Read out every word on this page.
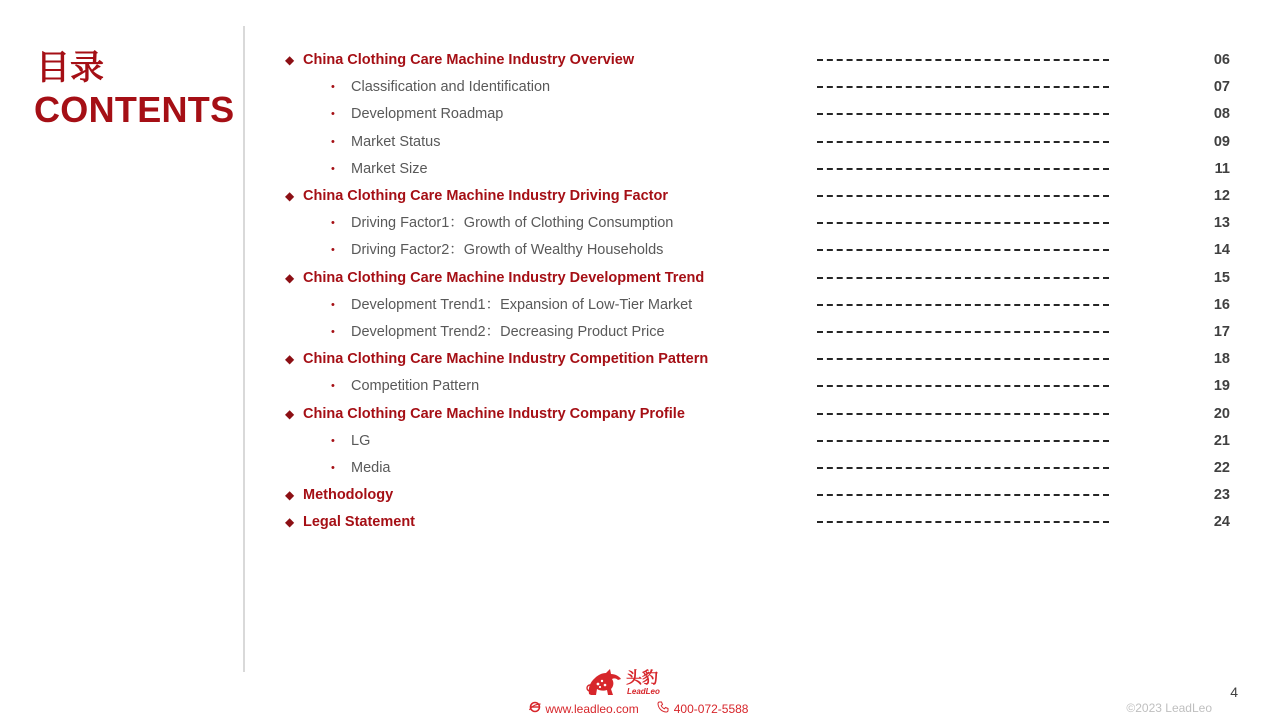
目录
CONTENTS
◆ China Clothing Care Machine Industry Overview	06
• Classification and Identification	07
• Development Roadmap	08
• Market Status	09
• Market Size	11
◆ China Clothing Care Machine Industry Driving Factor	12
• Driving Factor1：Growth of Clothing Consumption	13
• Driving Factor2：Growth of Wealthy Households	14
◆ China Clothing Care Machine Industry Development Trend	15
• Development Trend1：Expansion of Low-Tier Market	16
• Development Trend2：Decreasing Product Price	17
◆ China Clothing Care Machine Industry Competition Pattern	18
• Competition Pattern	19
◆ China Clothing Care Machine Industry Company Profile	20
• LG	21
• Media	22
◆ Methodology	23
◆ Legal Statement	24
头豹
LeadLeo
www.leadleo.com	400-072-5588	©2023 LeadLeo
4
